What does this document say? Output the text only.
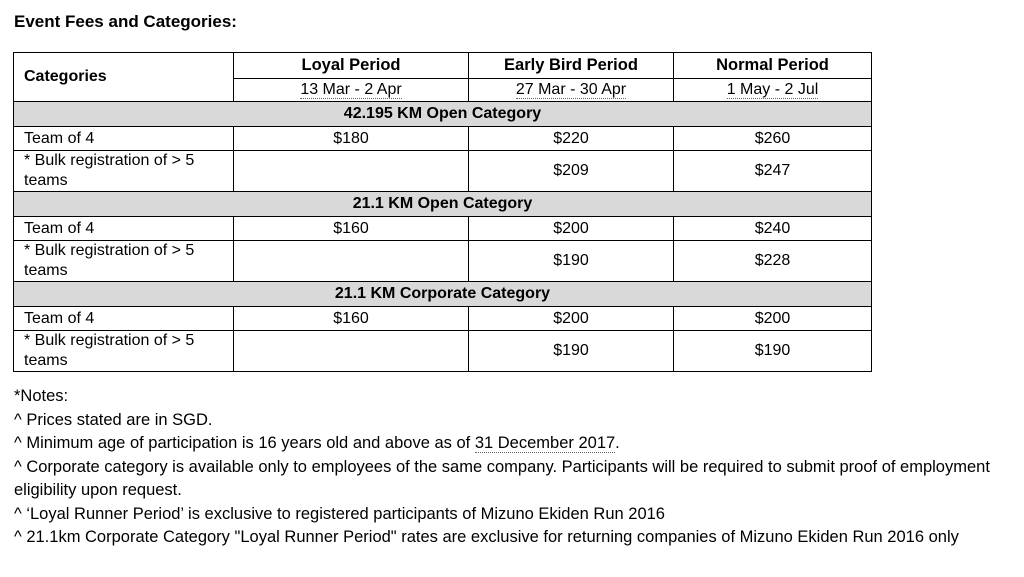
Event Fees and Categories:
Categories	Loyal Period	Early Bird Period	Normal Period
	13 Mar - 2 Apr	27 Mar - 30 Apr	1 May - 2 Jul
42.195 KM Open Category			
Team of 4	$180	$220	$260
* Bulk registration of > 5 teams		$209	$247
21.1 KM Open Category			
Team of 4	$160	$200	$240
* Bulk registration of > 5 teams		$190	$228
21.1 KM Corporate Category			
Team of 4	$160	$200	$200
* Bulk registration of > 5 teams		$190	$190

*Notes:

^ Prices stated are in SGD.

^ Minimum age of participation is 16 years old and above as of 31 December 2017.

^ Corporate category is available only to employees of the same company. Participants will be required to submit proof of employment eligibility upon request.

^ ‘Loyal Runner Period’ is exclusive to registered participants of Mizuno Ekiden Run 2016

^ 21.1km Corporate Category "Loyal Runner Period" rates are exclusive for returning companies of Mizuno Ekiden Run 2016 only
